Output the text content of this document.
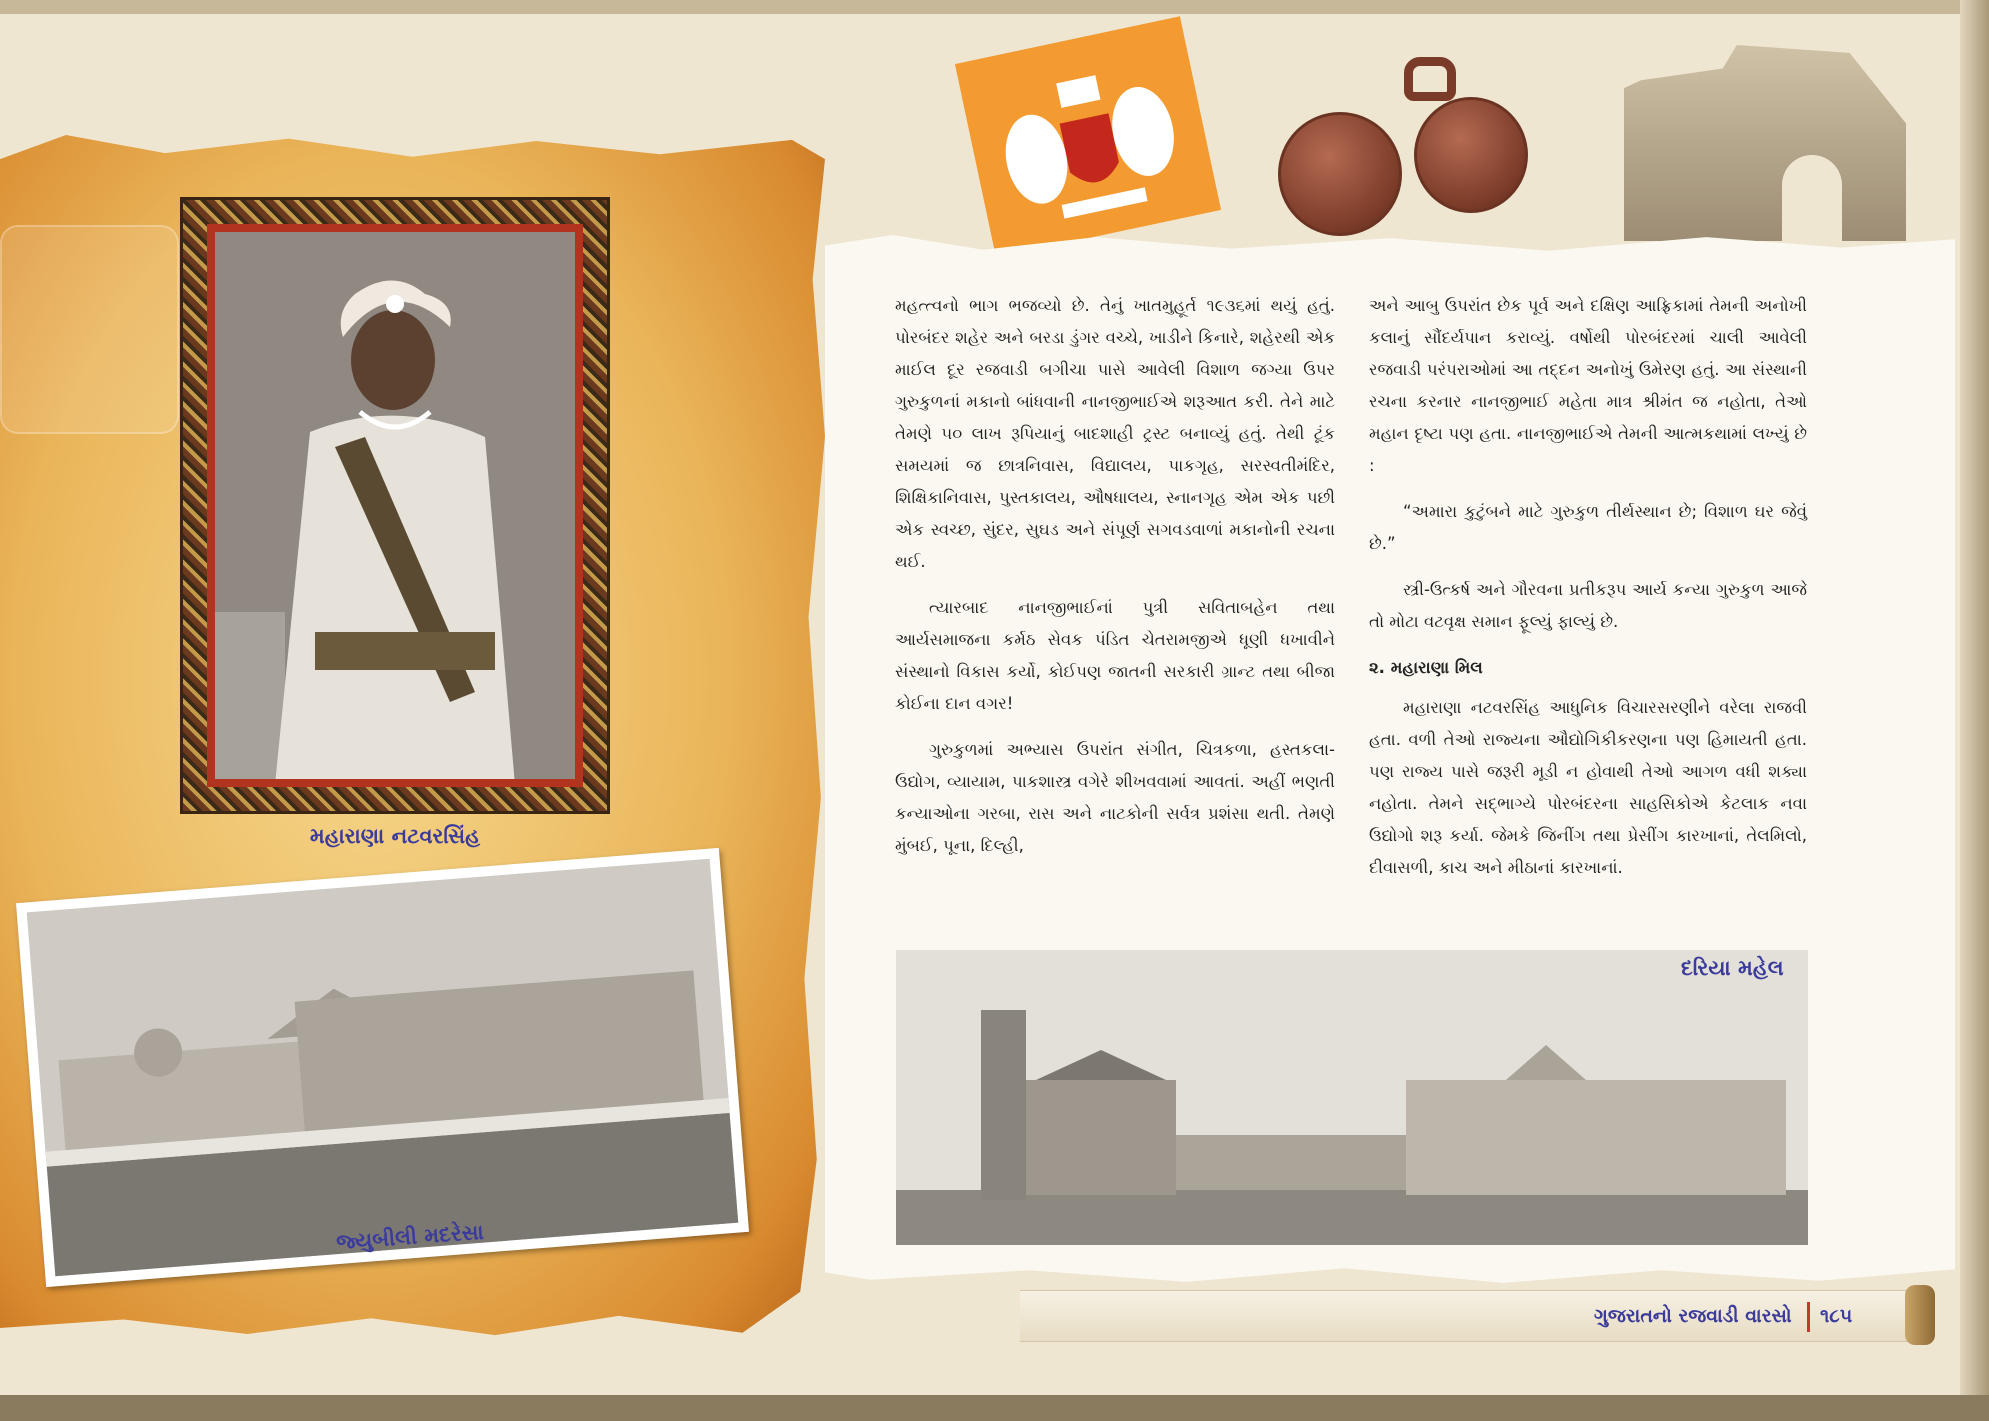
મહારાણા નટવરસિંહ
જ્યુબીલી મદરેસા

મહત્ત્વનો ભાગ ભજવ્યો છે. તેનું ખાતમુહૂર્ત ૧૯૩૬માં થયું હતું. પોરબંદર શહેર અને બરડા ડુંગર વચ્ચે, ખાડીને કિનારે, શહેરથી એક માઈલ દૂર રજવાડી બગીચા પાસે આવેલી વિશાળ જગ્યા ઉપર ગુરુકુળનાં મકાનો બાંધવાની નાનજીભાઈએ શરૂઆત કરી. તેને માટે તેમણે ૫૦ લાખ રૂપિયાનું બાદશાહી ટ્રસ્ટ બનાવ્યું હતું. તેથી ટૂંક સમયમાં જ છાત્રનિવાસ, વિદ્યાલય, પાકગૃહ, સરસ્વતીમંદિર, શિક્ષિકાનિવાસ, પુસ્તકાલય, ઔષધાલય, સ્નાનગૃહ એમ એક પછી એક સ્વચ્છ, સુંદર, સુઘડ અને સંપૂર્ણ સગવડવાળાં મકાનોની રચના થઈ.

ત્યારબાદ નાનજીભાઈનાં પુત્રી સવિતાબહેન તથા આર્યસમાજના કર્મઠ સેવક પંડિત ચેતરામજીએ ધૂણી ધખાવીને સંસ્થાનો વિકાસ કર્યો, કોઈપણ જાતની સરકારી ગ્રાન્ટ તથા બીજા કોઈના દાન વગર!

ગુરુકુળમાં અભ્યાસ ઉપરાંત સંગીત, ચિત્રકળા, હસ્તકલા-ઉદ્યોગ, વ્યાયામ, પાકશાસ્ત્ર વગેરે શીખવવામાં આવતાં. અહીં ભણતી કન્યાઓના ગરબા, રાસ અને નાટકોની સર્વત્ર પ્રશંસા થતી. તેમણે મુંબઈ, પૂના, દિલ્હી,

અને આબુ ઉપરાંત છેક પૂર્વ અને દક્ષિણ આફ્રિકામાં તેમની અનોખી કલાનું સૌંદર્યપાન કરાવ્યું. વર્ષોથી પોરબંદરમાં ચાલી આવેલી રજવાડી પરંપરાઓમાં આ તદ્દન અનોખું ઉમેરણ હતું. આ સંસ્થાની રચના કરનાર નાનજીભાઈ મહેતા માત્ર શ્રીમંત જ નહોતા, તેઓ મહાન દૃષ્ટા પણ હતા. નાનજીભાઈએ તેમની આત્મકથામાં લખ્યું છે :

“અમારા કુટુંબને માટે ગુરુકુળ તીર્થસ્થાન છે; વિશાળ ઘર જેવું છે.”

સ્ત્રી-ઉત્કર્ષ અને ગૌરવના પ્રતીકરૂપ આર્ય કન્યા ગુરુકુળ આજે તો મોટા વટવૃક્ષ સમાન ફૂલ્યું ફાલ્યું છે.

૨. મહારાણા મિલ

મહારાણા નટવરસિંહ આધુનિક વિચારસરણીને વરેલા રાજવી હતા. વળી તેઓ રાજ્યના ઔદ્યોગિકીકરણના પણ હિમાયતી હતા. પણ રાજ્ય પાસે જરૂરી મૂડી ન હોવાથી તેઓ આગળ વધી શક્યા નહોતા. તેમને સદ્ભાગ્યે પોરબંદરના સાહસિકોએ કેટલાક નવા ઉદ્યોગો શરૂ કર્યા. જેમકે જિનીંગ તથા પ્રેસીંગ કારખાનાં, તેલમિલો, દીવાસળી, કાચ અને મીઠાનાં કારખાનાં.

દરિયા મહેલ
ગુજરાતનો રજવાડી વારસો ૧૮૫
